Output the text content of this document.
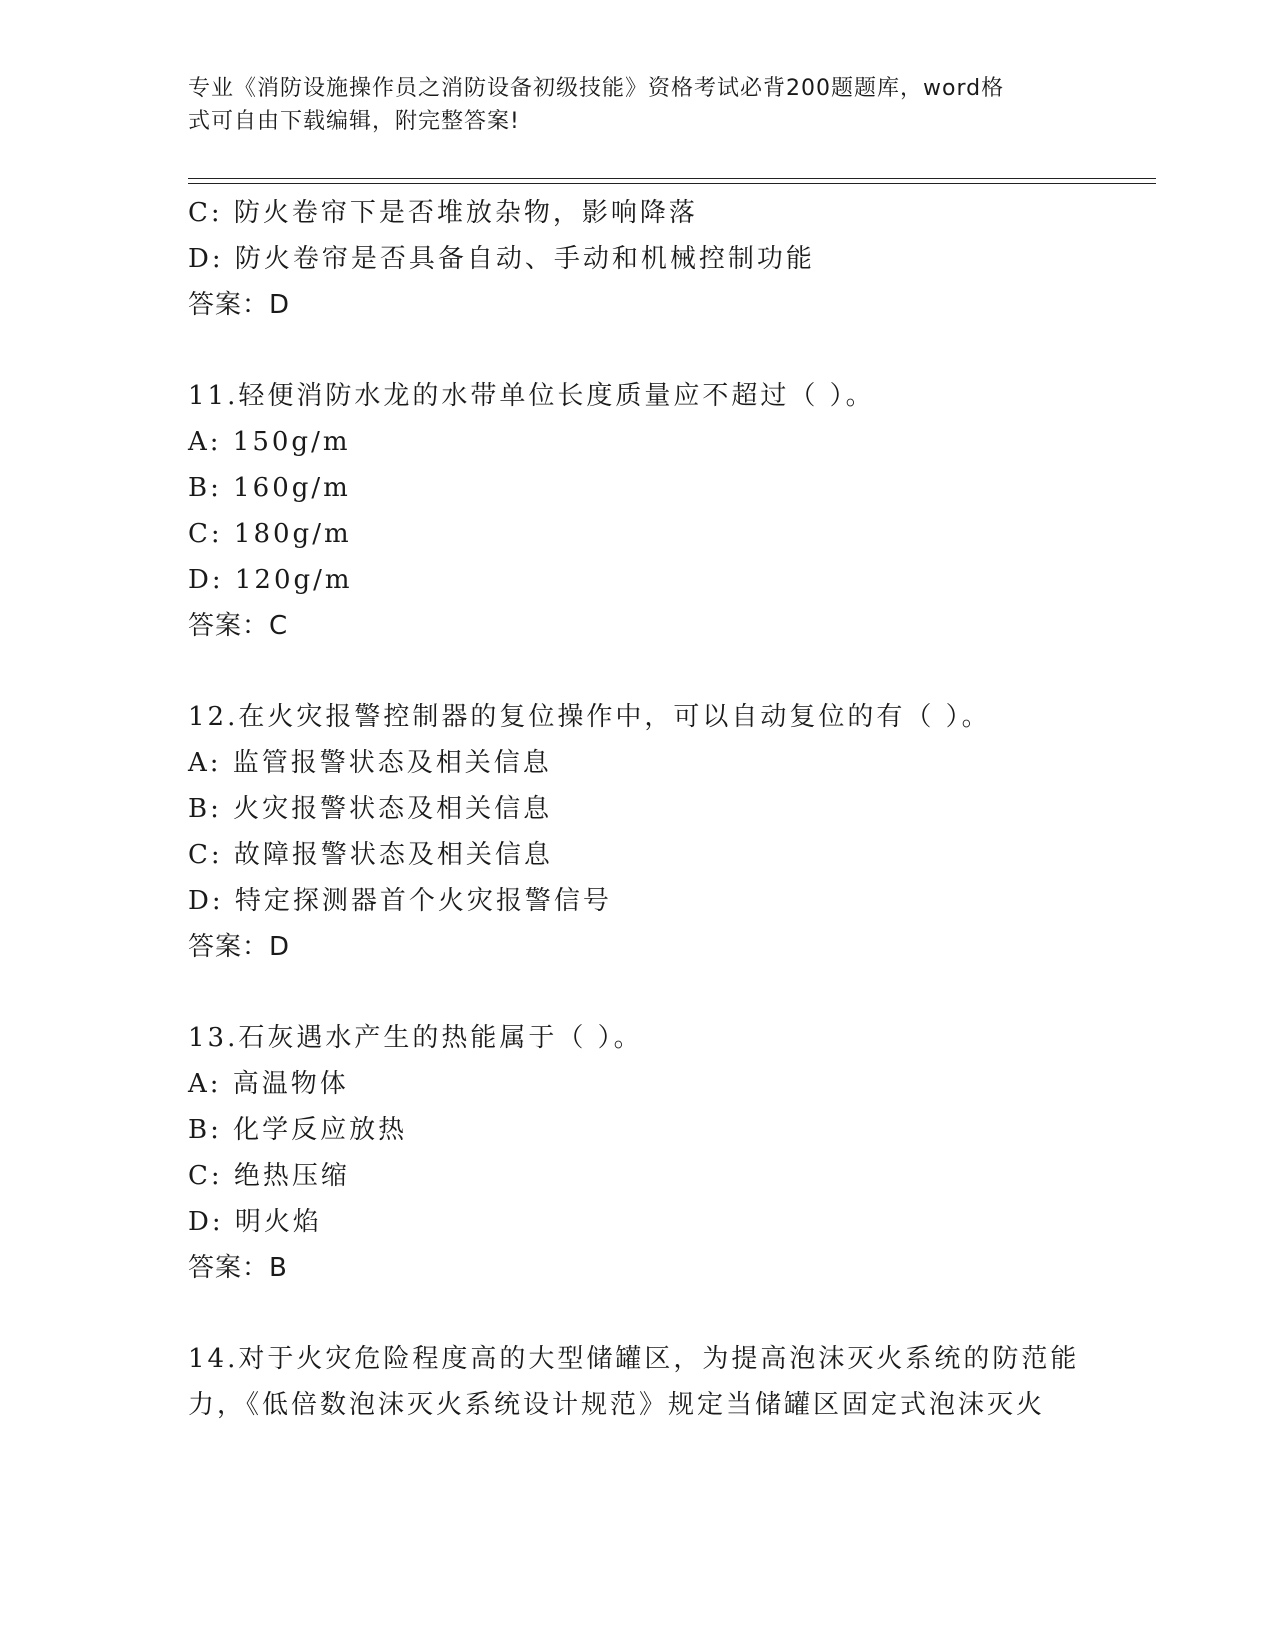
专业《消防设施操作员之消防设备初级技能》资格考试必背200题题库，word格
式可自由下载编辑，附完整答案!
C: 防火卷帘下是否堆放杂物，影响降落
D: 防火卷帘是否具备自动、手动和机械控制功能
答案：D
11.轻便消防水龙的水带单位长度质量应不超过（ ）。
A: 150g/m
B: 160g/m
C: 180g/m
D: 120g/m
答案：C
12.在火灾报警控制器的复位操作中，可以自动复位的有（ ）。
A: 监管报警状态及相关信息
B: 火灾报警状态及相关信息
C: 故障报警状态及相关信息
D: 特定探测器首个火灾报警信号
答案：D
13.石灰遇水产生的热能属于（ ）。
A: 高温物体
B: 化学反应放热
C: 绝热压缩
D: 明火焰
答案：B
14.对于火灾危险程度高的大型储罐区，为提高泡沫灭火系统的防范能
力，《低倍数泡沫灭火系统设计规范》规定当储罐区固定式泡沫灭火
